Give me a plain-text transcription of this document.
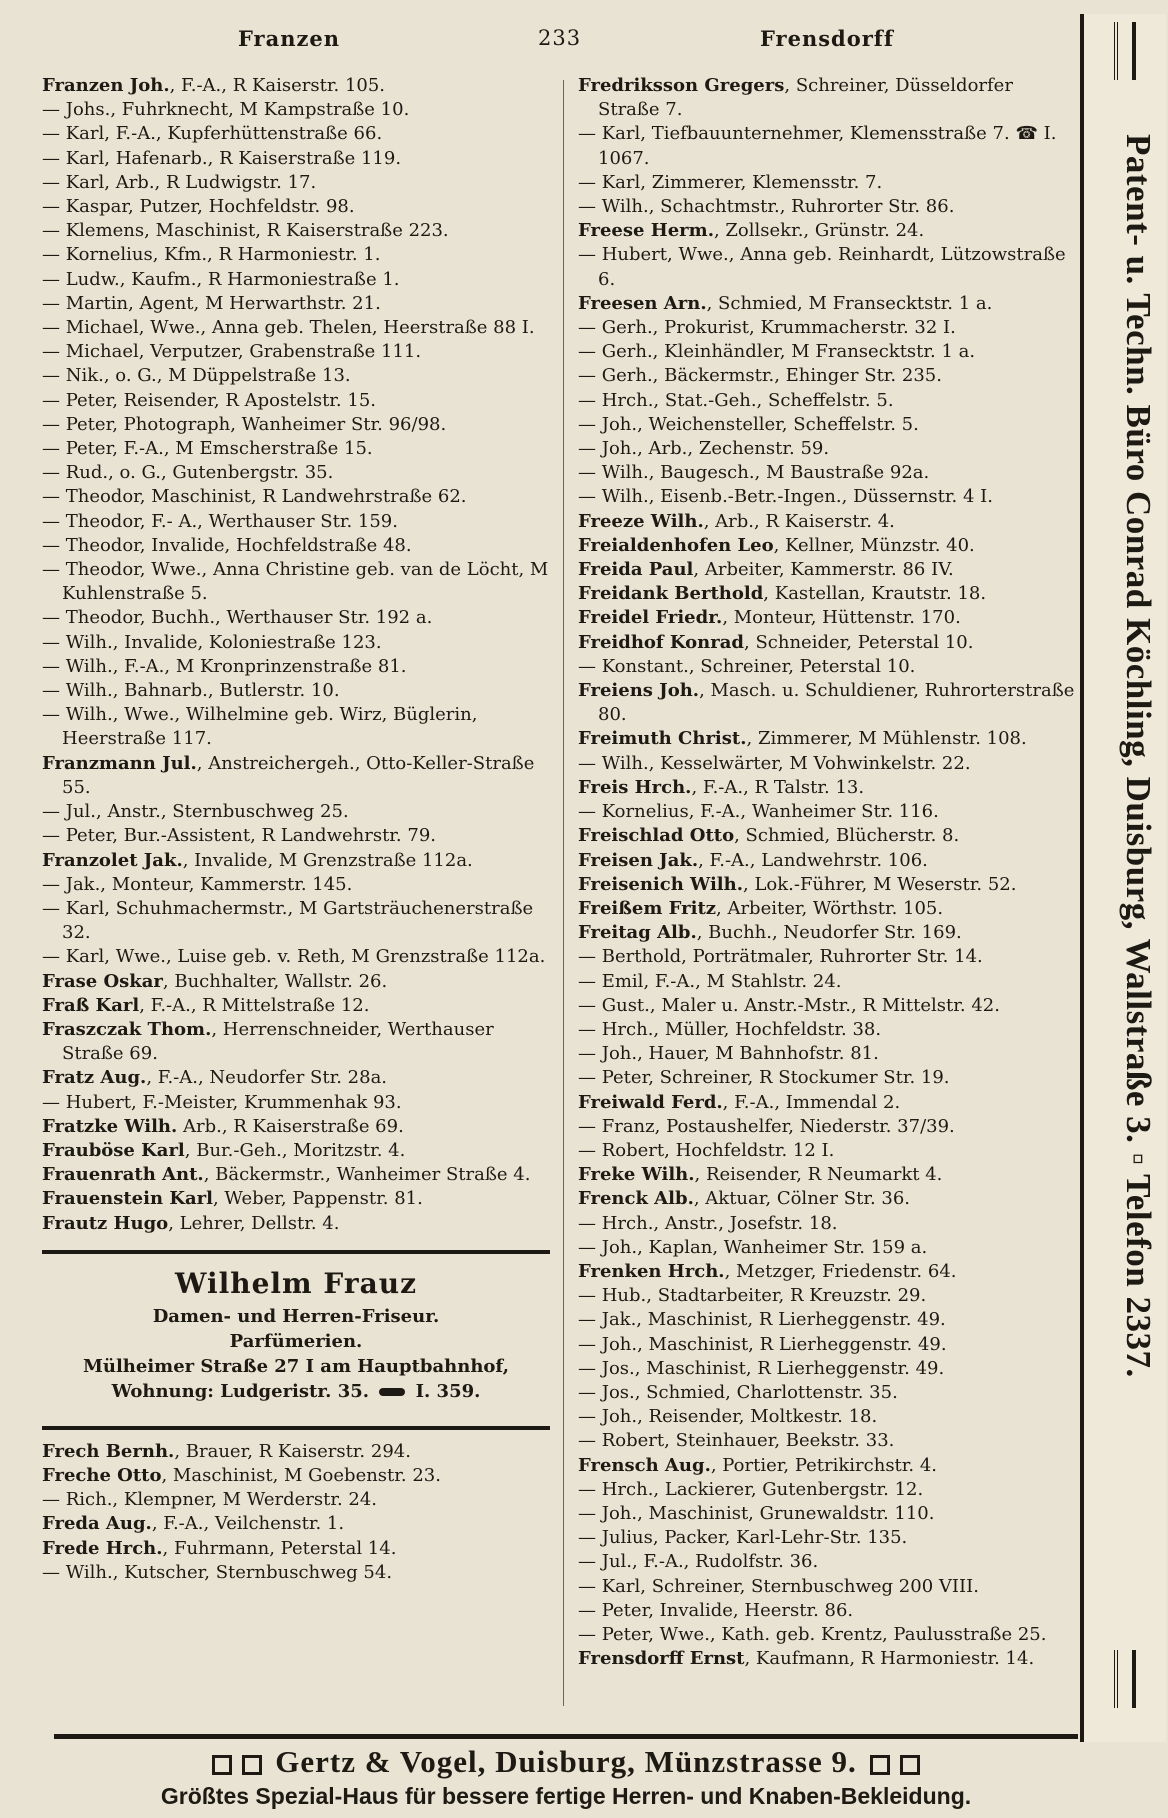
Franzen	233	Frensdorff
Franzen Joh., F.-A., R Kaiserstr. 105.
— Johs., Fuhrknecht, M Kampstraße 10.
— Karl, F.-A., Kupferhüttenstraße 66.
— Karl, Hafenarb., R Kaiserstraße 119.
— Karl, Arb., R Ludwigstr. 17.
— Kaspar, Putzer, Hochfeldstr. 98.
— Klemens, Maschinist, R Kaiserstraße 223.
— Kornelius, Kfm., R Harmoniestr. 1.
— Ludw., Kaufm., R Harmoniestraße 1.
— Martin, Agent, M Herwarthstr. 21.
— Michael, Wwe., Anna geb. Thelen, Heerstraße 88 I.
— Michael, Verputzer, Grabenstraße 111.
— Nik., o. G., M Düppelstraße 13.
— Peter, Reisender, R Apostelstr. 15.
— Peter, Photograph, Wanheimer Str. 96/98.
— Peter, F.-A., M Emscherstraße 15.
— Rud., o. G., Gutenbergstr. 35.
— Theodor, Maschinist, R Landwehrstraße 62.
— Theodor, F.- A., Werthauser Str. 159.
— Theodor, Invalide, Hochfeldstraße 48.
— Theodor, Wwe., Anna Christine geb. van de Löcht, M Kuhlenstraße 5.
— Theodor, Buchh., Werthauser Str. 192 a.
— Wilh., Invalide, Koloniestraße 123.
— Wilh., F.-A., M Kronprinzenstraße 81.
— Wilh., Bahnarb., Butlerstr. 10.
— Wilh., Wwe., Wilhelmine geb. Wirz, Büglerin, Heerstraße 117.
Franzmann Jul., Anstreichergeh., Otto-Keller-Straße 55.
— Jul., Anstr., Sternbuschweg 25.
— Peter, Bur.-Assistent, R Landwehrstr. 79.
Franzolet Jak., Invalide, M Grenzstraße 112a.
— Jak., Monteur, Kammerstr. 145.
— Karl, Schuhmachermstr., M Gartsträuchenerstraße 32.
— Karl, Wwe., Luise geb. v. Reth, M Grenzstraße 112a.
Frase Oskar, Buchhalter, Wallstr. 26.
Fraß Karl, F.-A., R Mittelstraße 12.
Fraszczak Thom., Herrenschneider, Werthauser Straße 69.
Fratz Aug., F.-A., Neudorfer Str. 28a.
— Hubert, F.-Meister, Krummenhak 93.
Fratzke Wilh. Arb., R Kaiserstraße 69.
Frauböse Karl, Bur.-Geh., Moritzstr. 4.
Frauenrath Ant., Bäckermstr., Wanheimer Straße 4.
Frauenstein Karl, Weber, Pappenstr. 81.
Frautz Hugo, Lehrer, Dellstr. 4.
Wilhelm Frauz
Damen- und Herren-Friseur.
Parfümerien.
Mülheimer Straße 27 I am Hauptbahnhof,
Wohnung: Ludgeristr. 35.	I. 359.
Frech Bernh., Brauer, R Kaiserstr. 294.
Freche Otto, Maschinist, M Goebenstr. 23.
— Rich., Klempner, M Werderstr. 24.
Freda Aug., F.-A., Veilchenstr. 1.
Frede Hrch., Fuhrmann, Peterstal 14.
— Wilh., Kutscher, Sternbuschweg 54.
Fredriksson Gregers, Schreiner, Düsseldorfer Straße 7.
— Karl, Tiefbauunternehmer, Klemensstraße 7. ☎ I. 1067.
— Karl, Zimmerer, Klemensstr. 7.
— Wilh., Schachtmstr., Ruhrorter Str. 86.
Freese Herm., Zollsekr., Grünstr. 24.
— Hubert, Wwe., Anna geb. Reinhardt, Lützowstraße 6.
Freesen Arn., Schmied, M Fransecktstr. 1 a.
— Gerh., Prokurist, Krummacherstr. 32 I.
— Gerh., Kleinhändler, M Fransecktstr. 1 a.
— Gerh., Bäckermstr., Ehinger Str. 235.
— Hrch., Stat.-Geh., Scheffelstr. 5.
— Joh., Weichensteller, Scheffelstr. 5.
— Joh., Arb., Zechenstr. 59.
— Wilh., Baugesch., M Baustraße 92a.
— Wilh., Eisenb.-Betr.-Ingen., Düssernstr. 4 I.
Freeze Wilh., Arb., R Kaiserstr. 4.
Freialdenhofen Leo, Kellner, Münzstr. 40.
Freida Paul, Arbeiter, Kammerstr. 86 IV.
Freidank Berthold, Kastellan, Krautstr. 18.
Freidel Friedr., Monteur, Hüttenstr. 170.
Freidhof Konrad, Schneider, Peterstal 10.
— Konstant., Schreiner, Peterstal 10.
Freiens Joh., Masch. u. Schuldiener, Ruhrorterstraße 80.
Freimuth Christ., Zimmerer, M Mühlenstr. 108.
— Wilh., Kesselwärter, M Vohwinkelstr. 22.
Freis Hrch., F.-A., R Talstr. 13.
— Kornelius, F.-A., Wanheimer Str. 116.
Freischlad Otto, Schmied, Blücherstr. 8.
Freisen Jak., F.-A., Landwehrstr. 106.
Freisenich Wilh., Lok.-Führer, M Weserstr. 52.
Freißem Fritz, Arbeiter, Wörthstr. 105.
Freitag Alb., Buchh., Neudorfer Str. 169.
— Berthold, Porträtmaler, Ruhrorter Str. 14.
— Emil, F.-A., M Stahlstr. 24.
— Gust., Maler u. Anstr.-Mstr., R Mittelstr. 42.
— Hrch., Müller, Hochfeldstr. 38.
— Joh., Hauer, M Bahnhofstr. 81.
— Peter, Schreiner, R Stockumer Str. 19.
Freiwald Ferd., F.-A., Immendal 2.
— Franz, Postaushelfer, Niederstr. 37/39.
— Robert, Hochfeldstr. 12 I.
Freke Wilh., Reisender, R Neumarkt 4.
Frenck Alb., Aktuar, Cölner Str. 36.
— Hrch., Anstr., Josefstr. 18.
— Joh., Kaplan, Wanheimer Str. 159 a.
Frenken Hrch., Metzger, Friedenstr. 64.
— Hub., Stadtarbeiter, R Kreuzstr. 29.
— Jak., Maschinist, R Lierheggenstr. 49.
— Joh., Maschinist, R Lierheggenstr. 49.
— Jos., Maschinist, R Lierheggenstr. 49.
— Jos., Schmied, Charlottenstr. 35.
— Joh., Reisender, Moltkestr. 18.
— Robert, Steinhauer, Beekstr. 33.
Frensch Aug., Portier, Petrikirchstr. 4.
— Hrch., Lackierer, Gutenbergstr. 12.
— Joh., Maschinist, Grunewaldstr. 110.
— Julius, Packer, Karl-Lehr-Str. 135.
— Jul., F.-A., Rudolfstr. 36.
— Karl, Schreiner, Sternbuschweg 200 VIII.
— Peter, Invalide, Heerstr. 86.
— Peter, Wwe., Kath. geb. Krentz, Paulusstraße 25.
Frensdorff Ernst, Kaufmann, R Harmoniestr. 14.
Patent- u. Techn. Büro Conrad Köchling, Duisburg, Wallstraße 3. ▫ Telefon 2337.
Gertz & Vogel, Duisburg, Münzstrasse 9.
Größtes Spezial-Haus für bessere fertige Herren- und Knaben-Bekleidung.
